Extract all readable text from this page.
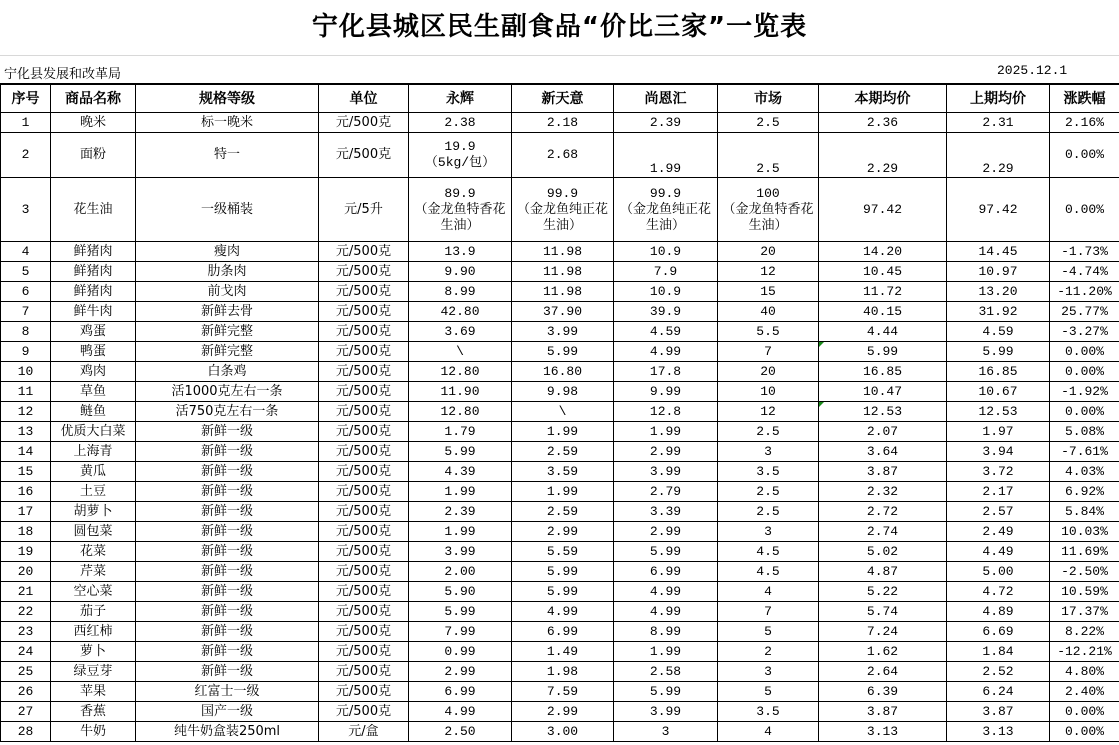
宁化县城区民生副食品“价比三家”一览表
宁化县发展和改革局	2025.12.1
序号	商品名称	规格等级	单位	永辉	新天意	尚恩汇	市场	本期均价	上期均价	涨跌幅
1	晚米	标一晚米	元/500克	2.38	2.18	2.39	2.5	2.36	2.31	2.16%
2	面粉	特一	元/500克	19.9
（5kg/包）	2.68	1.99	2.5	2.29	2.29	0.00%
3	花生油	一级桶装	元/5升	89.9
（金龙鱼特香花生油）	99.9
（金龙鱼纯正花生油）	99.9
（金龙鱼纯正花生油）	100
（金龙鱼特香花生油）	97.42	97.42	0.00%
4	鲜猪肉	瘦肉	元/500克	13.9	11.98	10.9	20	14.20	14.45	-1.73%
5	鲜猪肉	肋条肉	元/500克	9.90	11.98	7.9	12	10.45	10.97	-4.74%
6	鲜猪肉	前戈肉	元/500克	8.99	11.98	10.9	15	11.72	13.20	-11.20%
7	鲜牛肉	新鲜去骨	元/500克	42.80	37.90	39.9	40	40.15	31.92	25.77%
8	鸡蛋	新鲜完整	元/500克	3.69	3.99	4.59	5.5	4.44	4.59	-3.27%
9	鸭蛋	新鲜完整	元/500克	\	5.99	4.99	7	5.99	5.99	0.00%
10	鸡肉	白条鸡	元/500克	12.80	16.80	17.8	20	16.85	16.85	0.00%
11	草鱼	活1000克左右一条	元/500克	11.90	9.98	9.99	10	10.47	10.67	-1.92%
12	鲢鱼	活750克左右一条	元/500克	12.80	\	12.8	12	12.53	12.53	0.00%
13	优质大白菜	新鲜一级	元/500克	1.79	1.99	1.99	2.5	2.07	1.97	5.08%
14	上海青	新鲜一级	元/500克	5.99	2.59	2.99	3	3.64	3.94	-7.61%
15	黄瓜	新鲜一级	元/500克	4.39	3.59	3.99	3.5	3.87	3.72	4.03%
16	土豆	新鲜一级	元/500克	1.99	1.99	2.79	2.5	2.32	2.17	6.92%
17	胡萝卜	新鲜一级	元/500克	2.39	2.59	3.39	2.5	2.72	2.57	5.84%
18	圆包菜	新鲜一级	元/500克	1.99	2.99	2.99	3	2.74	2.49	10.03%
19	花菜	新鲜一级	元/500克	3.99	5.59	5.99	4.5	5.02	4.49	11.69%
20	芹菜	新鲜一级	元/500克	2.00	5.99	6.99	4.5	4.87	5.00	-2.50%
21	空心菜	新鲜一级	元/500克	5.90	5.99	4.99	4	5.22	4.72	10.59%
22	茄子	新鲜一级	元/500克	5.99	4.99	4.99	7	5.74	4.89	17.37%
23	西红柿	新鲜一级	元/500克	7.99	6.99	8.99	5	7.24	6.69	8.22%
24	萝卜	新鲜一级	元/500克	0.99	1.49	1.99	2	1.62	1.84	-12.21%
25	绿豆芽	新鲜一级	元/500克	2.99	1.98	2.58	3	2.64	2.52	4.80%
26	苹果	红富士一级	元/500克	6.99	7.59	5.99	5	6.39	6.24	2.40%
27	香蕉	国产一级	元/500克	4.99	2.99	3.99	3.5	3.87	3.87	0.00%
28	牛奶	纯牛奶盒装250ml	元/盒	2.50	3.00	3	4	3.13	3.13	0.00%
